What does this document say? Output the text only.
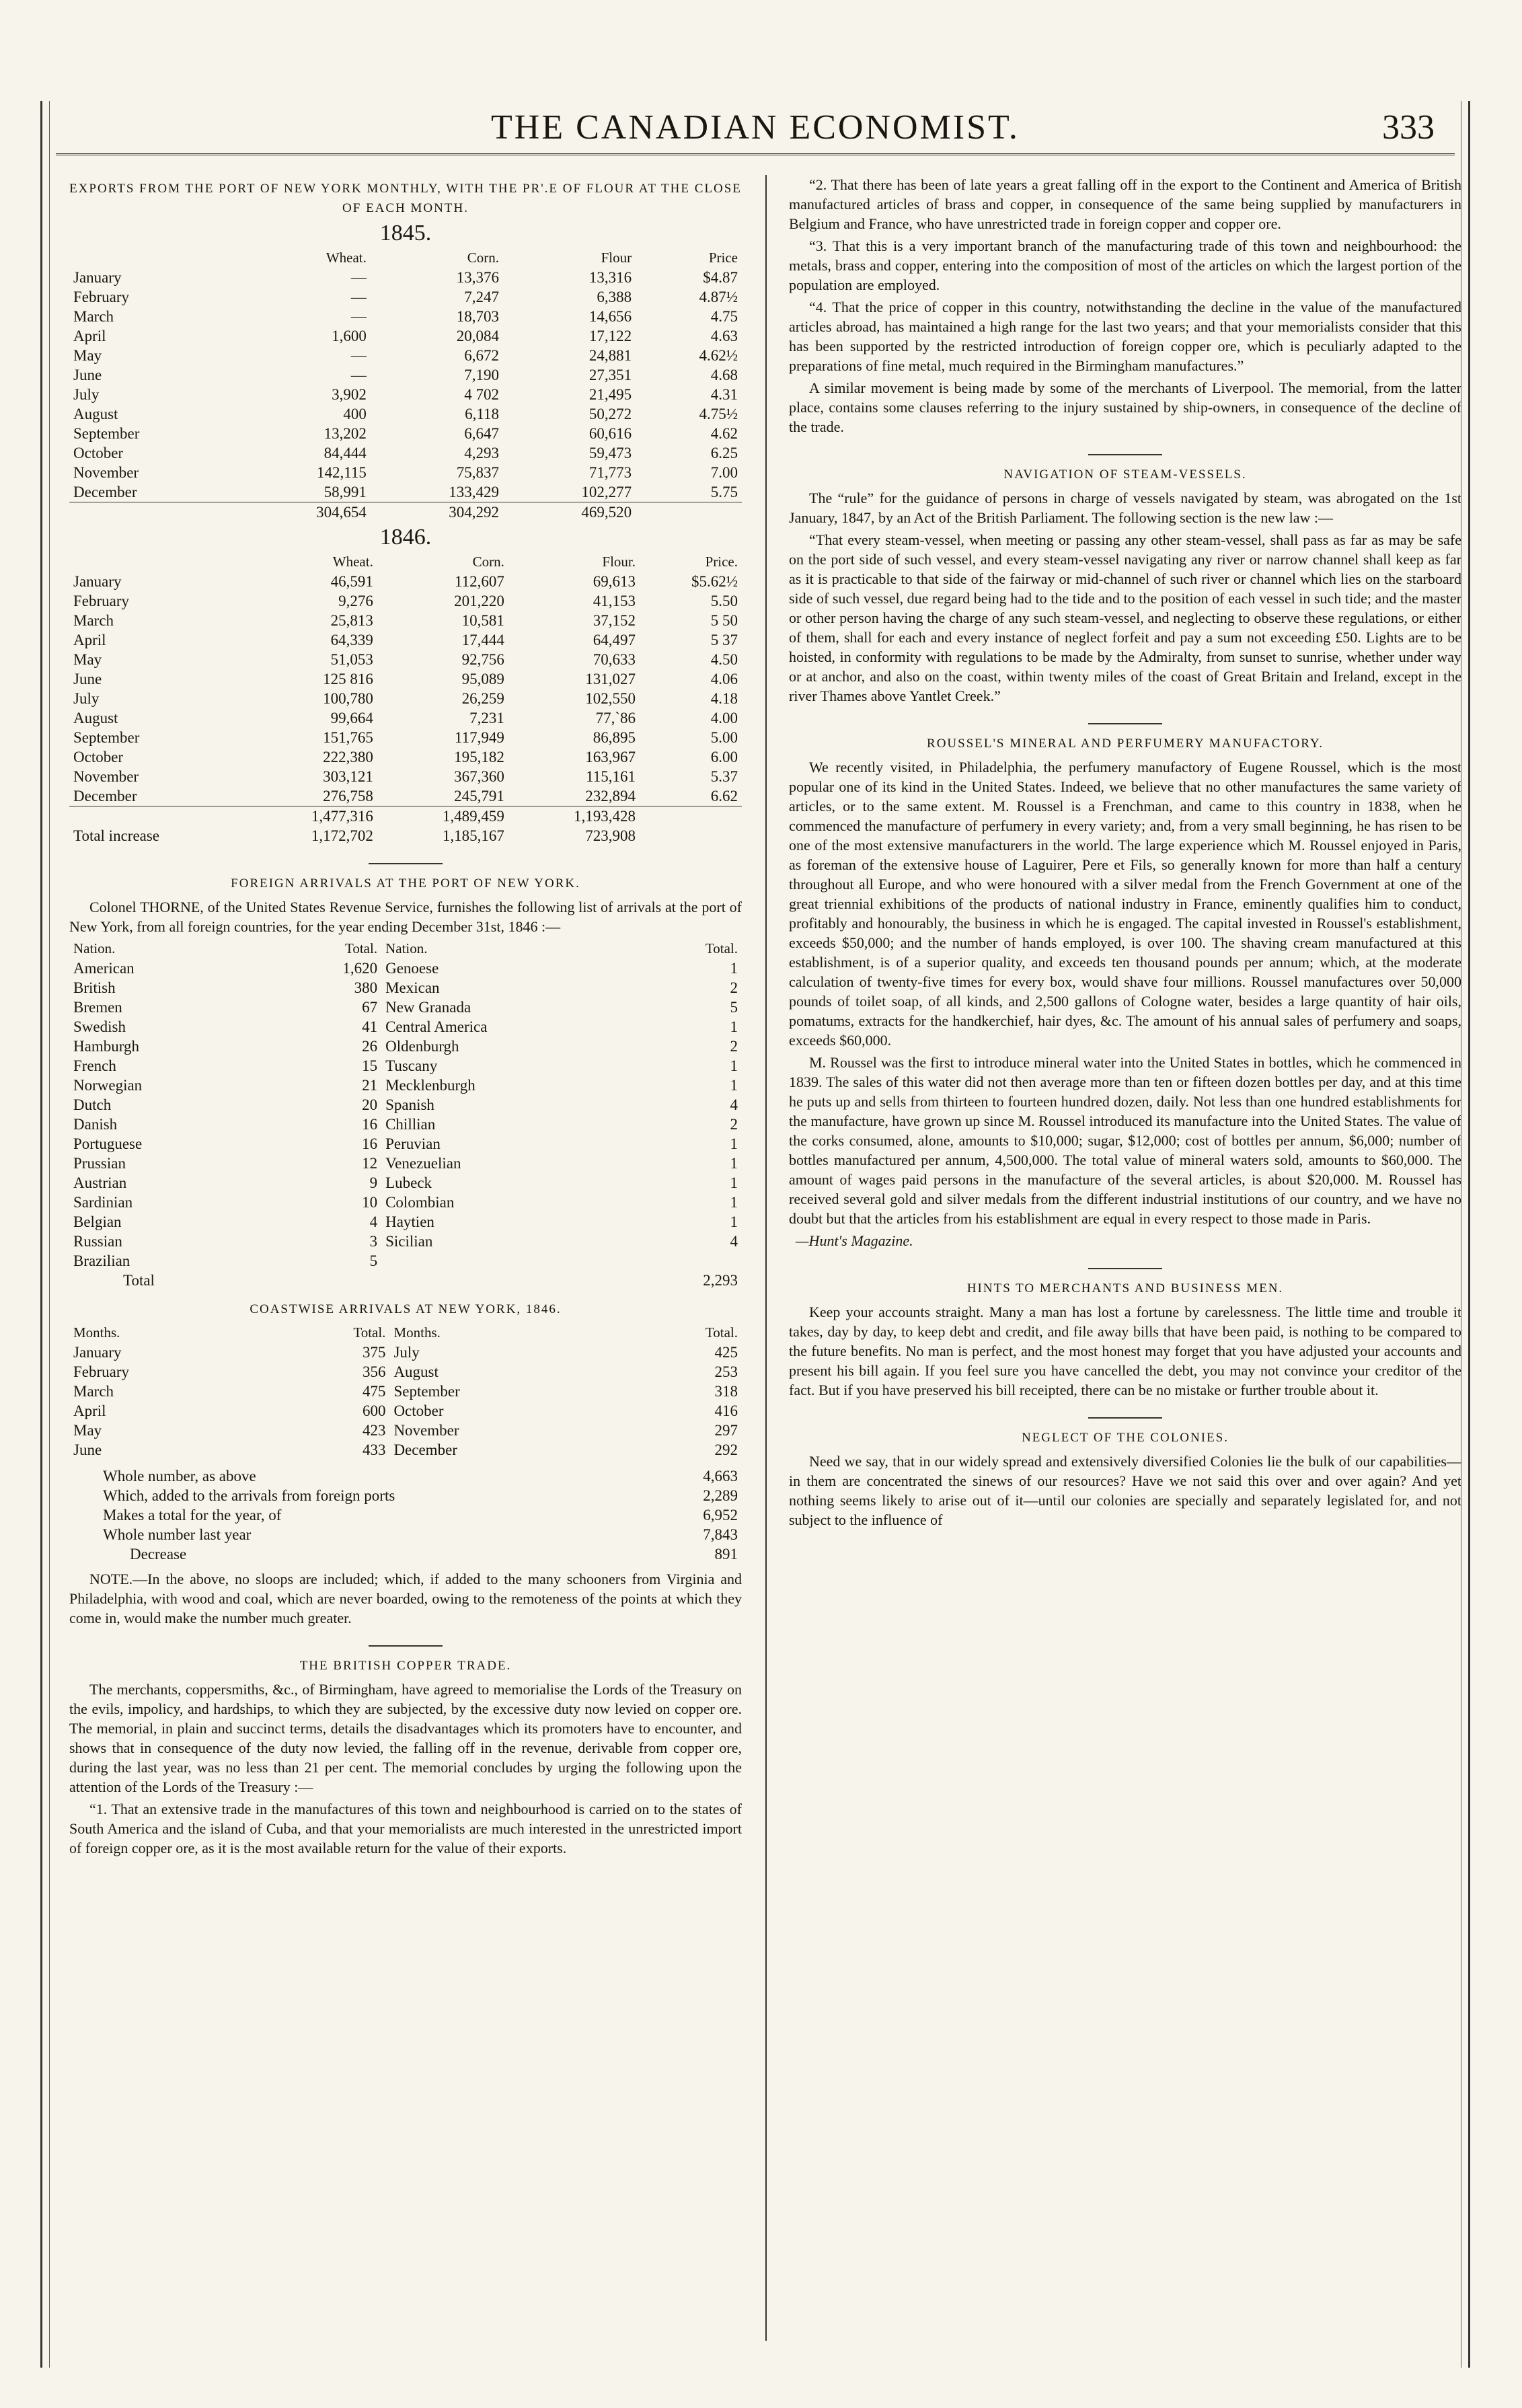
THE CANADIAN ECONOMIST.	333
EXPORTS FROM THE PORT OF NEW YORK MONTHLY, WITH THE PR'.E OF FLOUR AT THE CLOSE OF EACH MONTH.
1845.
	Wheat.	Corn.	Flour	Price
January	—	13,376	13,316	$4.87
February	—	7,247	6,388	4.87½
March	—	18,703	14,656	4.75
April	1,600	20,084	17,122	4.63
May	—	6,672	24,881	4.62½
June	—	7,190	27,351	4.68
July	3,902	4 702	21,495	4.31
August	400	6,118	50,272	4.75½
September	13,202	6,647	60,616	4.62
October	84,444	4,293	59,473	6.25
November	142,115	75,837	71,773	7.00
December	58,991	133,429	102,277	5.75
	304,654	304,292	469,520	
1846.
	Wheat.	Corn.	Flour.	Price.
January	46,591	112,607	69,613	$5.62½
February	9,276	201,220	41,153	5.50
March	25,813	10,581	37,152	5 50
April	64,339	17,444	64,497	5 37
May	51,053	92,756	70,633	4.50
June	125 816	95,089	131,027	4.06
July	100,780	26,259	102,550	4.18
August	99,664	7,231	77,`86	4.00
September	151,765	117,949	86,895	5.00
October	222,380	195,182	163,967	6.00
November	303,121	367,360	115,161	5.37
December	276,758	245,791	232,894	6.62
	1,477,316	1,489,459	1,193,428	
Total increase	1,172,702	1,185,167	723,908	
FOREIGN ARRIVALS AT THE PORT OF NEW YORK.

Colonel THORNE, of the United States Revenue Service, furnishes the following list of arrivals at the port of New York, from all foreign countries, for the year ending December 31st, 1846 :—

Nation.	Total.	Nation.	Total.
American	1,620	Genoese	1
British	380	Mexican	2
Bremen	67	New Granada	5
Swedish	41	Central America	1
Hamburgh	26	Oldenburgh	2
French	15	Tuscany	1
Norwegian	21	Mecklenburgh	1
Dutch	20	Spanish	4
Danish	16	Chillian	2
Portuguese	16	Peruvian	1
Prussian	12	Venezuelian	1
Austrian	9	Lubeck	1
Sardinian	10	Colombian	1
Belgian	4	Haytien	1
Russian	3	Sicilian	4
Brazilian	5		
Total			2,293
COASTWISE ARRIVALS AT NEW YORK, 1846.
Months.	Total.	Months.	Total.
January	375	July	425
February	356	August	253
March	475	September	318
April	600	October	416
May	423	November	297
June	433	December	292
Whole number, as above	4,663
Which, added to the arrivals from foreign ports	2,289
Makes a total for the year, of	6,952
Whole number last year	7,843
Decrease	891

NOTE.—In the above, no sloops are included; which, if added to the many schooners from Virginia and Philadelphia, with wood and coal, which are never boarded, owing to the remoteness of the points at which they come in, would make the number much greater.

THE BRITISH COPPER TRADE.

The merchants, coppersmiths, &c., of Birmingham, have agreed to memorialise the Lords of the Treasury on the evils, impolicy, and hardships, to which they are subjected, by the excessive duty now levied on copper ore. The memorial, in plain and succinct terms, details the disadvantages which its promoters have to encounter, and shows that in consequence of the duty now levied, the falling off in the revenue, derivable from copper ore, during the last year, was no less than 21 per cent. The memorial concludes by urging the following upon the attention of the Lords of the Treasury :—

“1. That an extensive trade in the manufactures of this town and neighbourhood is carried on to the states of South America and the island of Cuba, and that your memorialists are much interested in the unrestricted import of foreign copper ore, as it is the most available return for the value of their exports.

“2. That there has been of late years a great falling off in the export to the Continent and America of British manufactured articles of brass and copper, in consequence of the same being supplied by manufacturers in Belgium and France, who have unrestricted trade in foreign copper and copper ore.

“3. That this is a very important branch of the manufacturing trade of this town and neighbourhood: the metals, brass and copper, entering into the composition of most of the articles on which the largest portion of the population are employed.

“4. That the price of copper in this country, notwithstanding the decline in the value of the manufactured articles abroad, has maintained a high range for the last two years; and that your memorialists consider that this has been supported by the restricted introduction of foreign copper ore, which is peculiarly adapted to the preparations of fine metal, much required in the Birmingham manufactures.”

A similar movement is being made by some of the merchants of Liverpool. The memorial, from the latter place, contains some clauses referring to the injury sustained by ship-owners, in consequence of the decline of the trade.

NAVIGATION OF STEAM-VESSELS.

The “rule” for the guidance of persons in charge of vessels navigated by steam, was abrogated on the 1st January, 1847, by an Act of the British Parliament. The following section is the new law :—

“That every steam-vessel, when meeting or passing any other steam-vessel, shall pass as far as may be safe on the port side of such vessel, and every steam-vessel navigating any river or narrow channel shall keep as far as it is practicable to that side of the fairway or mid-channel of such river or channel which lies on the starboard side of such vessel, due regard being had to the tide and to the position of each vessel in such tide; and the master or other person having the charge of any such steam-vessel, and neglecting to observe these regulations, or either of them, shall for each and every instance of neglect forfeit and pay a sum not exceeding £50. Lights are to be hoisted, in conformity with regulations to be made by the Admiralty, from sunset to sunrise, whether under way or at anchor, and also on the coast, within twenty miles of the coast of Great Britain and Ireland, except in the river Thames above Yantlet Creek.”

ROUSSEL'S MINERAL AND PERFUMERY MANUFACTORY.

We recently visited, in Philadelphia, the perfumery manufactory of Eugene Roussel, which is the most popular one of its kind in the United States. Indeed, we believe that no other manufactures the same variety of articles, or to the same extent. M. Roussel is a Frenchman, and came to this country in 1838, when he commenced the manufacture of perfumery in every variety; and, from a very small beginning, he has risen to be one of the most extensive manufacturers in the world. The large experience which M. Roussel enjoyed in Paris, as foreman of the extensive house of Laguirer, Pere et Fils, so generally known for more than half a century throughout all Europe, and who were honoured with a silver medal from the French Government at one of the great triennial exhibitions of the products of national industry in France, eminently qualifies him to conduct, profitably and honourably, the business in which he is engaged. The capital invested in Roussel's establishment, exceeds $50,000; and the number of hands employed, is over 100. The shaving cream manufactured at this establishment, is of a superior quality, and exceeds ten thousand pounds per annum; which, at the moderate calculation of twenty-five times for every box, would shave four millions. Roussel manufactures over 50,000 pounds of toilet soap, of all kinds, and 2,500 gallons of Cologne water, besides a large quantity of hair oils, pomatums, extracts for the handkerchief, hair dyes, &c. The amount of his annual sales of perfumery and soaps, exceeds $60,000.

M. Roussel was the first to introduce mineral water into the United States in bottles, which he commenced in 1839. The sales of this water did not then average more than ten or fifteen dozen bottles per day, and at this time he puts up and sells from thirteen to fourteen hundred dozen, daily. Not less than one hundred establishments for the manufacture, have grown up since M. Roussel introduced its manufacture into the United States. The value of the corks consumed, alone, amounts to $10,000; sugar, $12,000; cost of bottles per annum, $6,000; number of bottles manufactured per annum, 4,500,000. The total value of mineral waters sold, amounts to $60,000. The amount of wages paid persons in the manufacture of the several articles, is about $20,000. M. Roussel has received several gold and silver medals from the different industrial institutions of our country, and we have no doubt but that the articles from his establishment are equal in every respect to those made in Paris.

—Hunt's Magazine.

HINTS TO MERCHANTS AND BUSINESS MEN.

Keep your accounts straight. Many a man has lost a fortune by carelessness. The little time and trouble it takes, day by day, to keep debt and credit, and file away bills that have been paid, is nothing to be compared to the future benefits. No man is perfect, and the most honest may forget that you have adjusted your accounts and present his bill again. If you feel sure you have cancelled the debt, you may not convince your creditor of the fact. But if you have preserved his bill receipted, there can be no mistake or further trouble about it.

NEGLECT OF THE COLONIES.

Need we say, that in our widely spread and extensively diversified Colonies lie the bulk of our capabilities—in them are concentrated the sinews of our resources? Have we not said this over and over again? And yet nothing seems likely to arise out of it—until our colonies are specially and separately legislated for, and not subject to the influence of
